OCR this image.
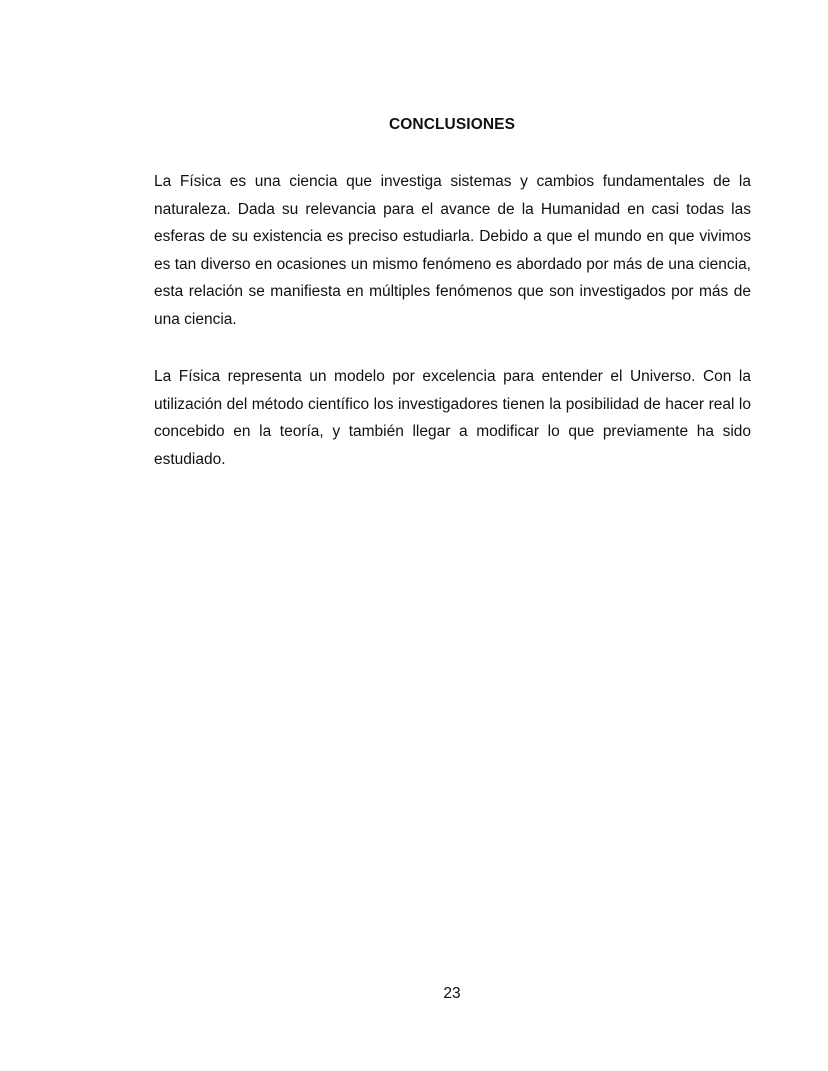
CONCLUSIONES

La Física es una ciencia que investiga sistemas y cambios fundamentales de la naturaleza. Dada su relevancia para el avance de la Humanidad en casi todas las esferas de su existencia es preciso estudiarla. Debido a que el mundo en que vivimos es tan diverso en ocasiones un mismo fenómeno es abordado por más de una ciencia, esta relación se manifiesta en múltiples fenómenos que son investigados por más de una ciencia.

La Física representa un modelo por excelencia para entender el Universo. Con la utilización del método científico los investigadores tienen la posibilidad de hacer real lo concebido en la teoría, y también llegar a modificar lo que previamente ha sido estudiado.

23
